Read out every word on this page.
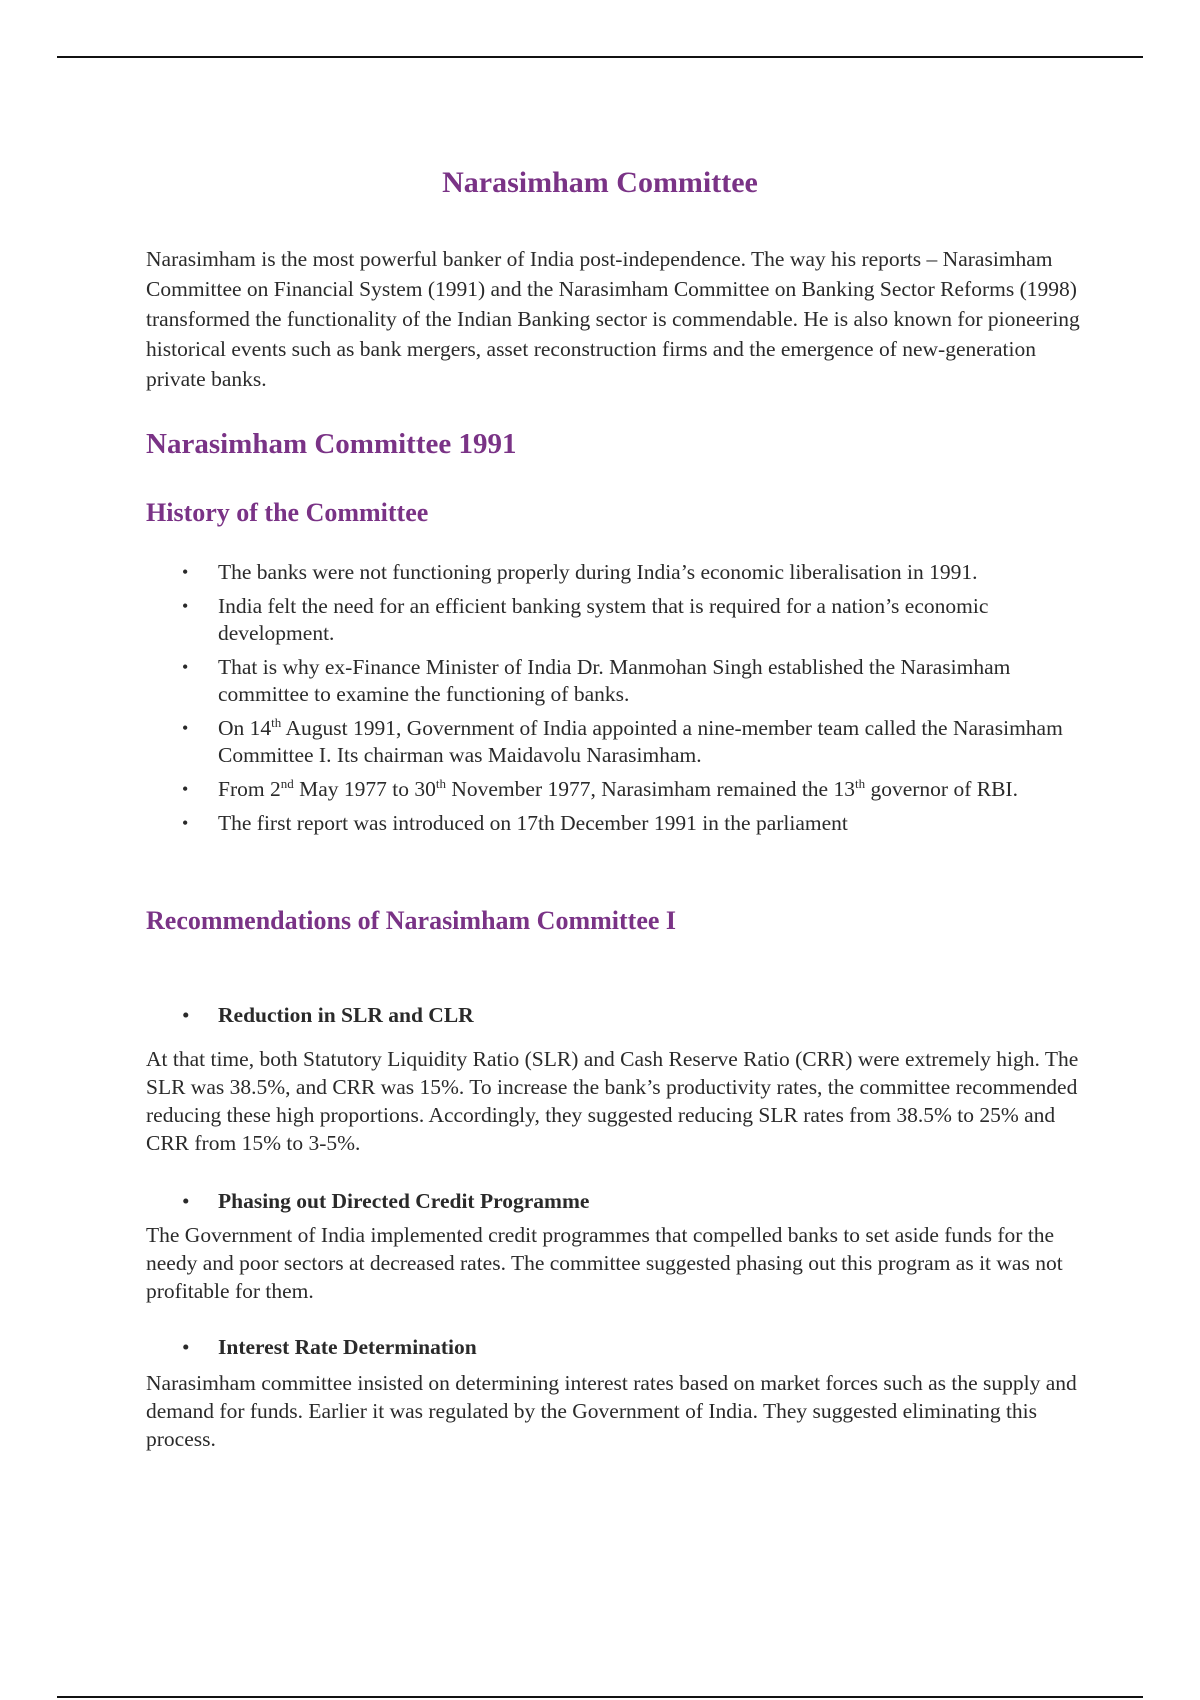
Narasimham Committee

Narasimham is the most powerful banker of India post-independence. The way his reports – Narasimham Committee on Financial System (1991) and the Narasimham Committee on Banking Sector Reforms (1998) transformed the functionality of the Indian Banking sector is commendable. He is also known for pioneering historical events such as bank mergers, asset reconstruction firms and the emergence of new-generation private banks.

Narasimham Committee 1991
History of the Committee
• The banks were not functioning properly during India’s economic liberalisation in 1991.
• India felt the need for an efficient banking system that is required for a nation’s economic development.
• That is why ex-Finance Minister of India Dr. Manmohan Singh established the Narasimham committee to examine the functioning of banks.
• On 14th August 1991, Government of India appointed a nine-member team called the Narasimham Committee I. Its chairman was Maidavolu Narasimham.
• From 2nd May 1977 to 30th November 1977, Narasimham remained the 13th governor of RBI.
• The first report was introduced on 17th December 1991 in the parliament
Recommendations of Narasimham Committee I

• Reduction in SLR and CLR

At that time, both Statutory Liquidity Ratio (SLR) and Cash Reserve Ratio (CRR) were extremely high. The SLR was 38.5%, and CRR was 15%. To increase the bank’s productivity rates, the committee recommended reducing these high proportions. Accordingly, they suggested reducing SLR rates from 38.5% to 25% and CRR from 15% to 3-5%.

• Phasing out Directed Credit Programme

The Government of India implemented credit programmes that compelled banks to set aside funds for the needy and poor sectors at decreased rates. The committee suggested phasing out this program as it was not profitable for them.

• Interest Rate Determination

Narasimham committee insisted on determining interest rates based on market forces such as the supply and demand for funds. Earlier it was regulated by the Government of India. They suggested eliminating this process.
